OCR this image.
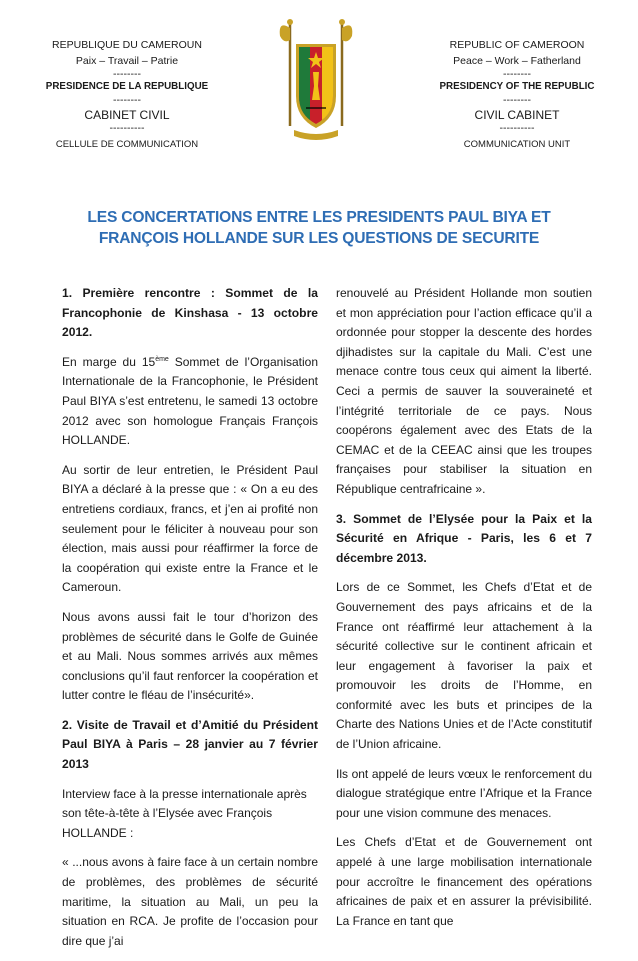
REPUBLIQUE DU CAMEROUN
Paix – Travail – Patrie
--------
PRESIDENCE DE LA REPUBLIQUE
--------
CABINET CIVIL
----------
CELLULE DE COMMUNICATION
REPUBLIC OF CAMEROON
Peace – Work – Fatherland
--------
PRESIDENCY OF THE REPUBLIC
--------
CIVIL CABINET
----------
COMMUNICATION UNIT
LES CONCERTATIONS ENTRE LES PRESIDENTS PAUL BIYA ET FRANÇOIS HOLLANDE SUR LES QUESTIONS DE SECURITE

1. Première rencontre : Sommet de la Francophonie de Kinshasa - 13 octobre 2012.

En marge du 15ème Sommet de l’Organisation Internationale de la Francophonie, le Président Paul BIYA s’est entretenu, le samedi 13 octobre 2012 avec son homologue Français François HOLLANDE.

Au sortir de leur entretien, le Président Paul BIYA a déclaré à la presse que : « On a eu des entretiens cordiaux, francs, et j’en ai profité non seulement pour le féliciter à nouveau pour son élection, mais aussi pour réaffirmer la force de la coopération qui existe entre la France et le Cameroun.

Nous avons aussi fait le tour d’horizon des problèmes de sécurité dans le Golfe de Guinée et au Mali. Nous sommes arrivés aux mêmes conclusions qu’il faut renforcer la coopération et lutter contre le fléau de l’insécurité».

2. Visite de Travail et d’Amitié du Président Paul BIYA à Paris – 28 janvier au 7 février 2013

Interview face à la presse internationale après son tête-à-tête à l’Elysée avec François HOLLANDE :

« ...nous avons à faire face à un certain nombre de problèmes, des problèmes de sécurité maritime, la situation au Mali, un peu la situation en RCA. Je profite de l’occasion pour dire que j’ai

renouvelé au Président Hollande mon soutien et mon appréciation pour l’action efficace qu’il a ordonnée pour stopper la descente des hordes djihadistes sur la capitale du Mali. C’est une menace contre tous ceux qui aiment la liberté. Ceci a permis de sauver la souveraineté et l’intégrité territoriale de ce pays. Nous coopérons également avec des Etats de la CEMAC et de la CEEAC ainsi que les troupes françaises pour stabiliser la situation en République centrafricaine ».

3. Sommet de l’Elysée pour la Paix et la Sécurité en Afrique - Paris, les 6 et 7 décembre 2013.

Lors de ce Sommet, les Chefs d’Etat et de Gouvernement des pays africains et de la France ont réaffirmé leur attachement à la sécurité collective sur le continent africain et leur engagement à favoriser la paix et promouvoir les droits de l’Homme, en conformité avec les buts et principes de la Charte des Nations Unies et de l’Acte constitutif de l’Union africaine.

Ils ont appelé de leurs vœux le renforcement du dialogue stratégique entre l’Afrique et la France pour une vision commune des menaces.

Les Chefs d’Etat et de Gouvernement ont appelé à une large mobilisation internationale pour accroître le financement des opérations africaines de paix et en assurer la prévisibilité. La France en tant que
